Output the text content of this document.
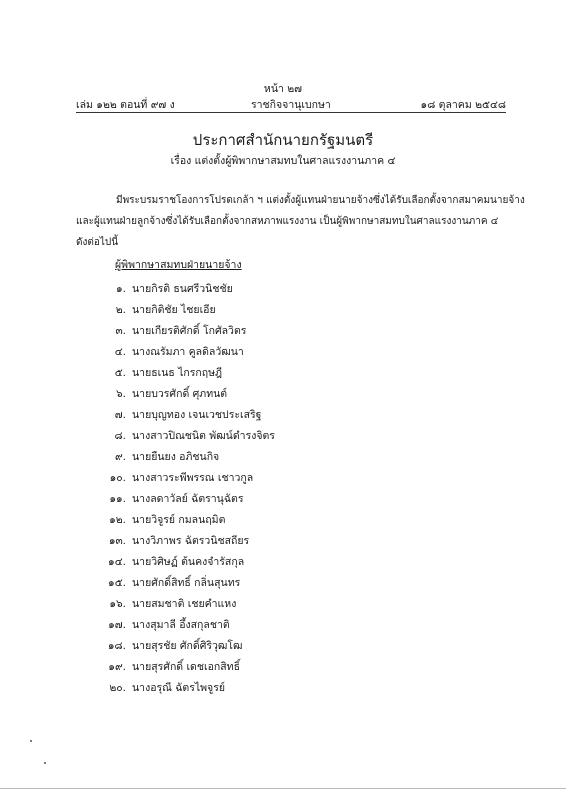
หน้า ๒๗
เล่ม ๑๒๒ ตอนที่ ๙๗ ง	ราชกิจจานุเบกษา	๑๘ ตุลาคม ๒๕๔๘
ประกาศสำนักนายกรัฐมนตรี
เรื่อง แต่งตั้งผู้พิพากษาสมทบในศาลแรงงานภาค ๔
มีพระบรมราชโองการโปรดเกล้า ฯ แต่งตั้งผู้แทนฝ่ายนายจ้างซึ่งได้รับเลือกตั้งจากสมาคมนายจ้าง
และผู้แทนฝ่ายลูกจ้างซึ่งได้รับเลือกตั้งจากสหภาพแรงงาน เป็นผู้พิพากษาสมทบในศาลแรงงานภาค ๔
ดังต่อไปนี้
ผู้พิพากษาสมทบฝ่ายนายจ้าง
๑. นายกิรติ ธนศรีวนิชชัย
๒. นายกิติชัย ไชยเอีย
๓. นายเกียรติศักดิ์ โกศัลวิตร
๔. นางณรัมภา คูลดิลวัฒนา
๕. นายธเนธ ไกรกฤษฎี
๖. นายบวรศักดิ์ ศุภทนต์
๗. นายบุญทอง เจนเวชประเสริฐ
๘. นางสาวปิณชนิต พัฒน์ดำรงจิตร
๙. นายยืนยง อภิชนกิจ
๑๐. นางสาวระพีพรรณ เชาวกูล
๑๑. นางลดาวัลย์ ฉัตรานุฉัตร
๑๒. นายวิจูรย์ กมลนฤมิต
๑๓. นางวิภาพร ฉัตรวนิชสถียร
๑๔. นายวิศิษฏ์ ต้นคงจำรัสกุล
๑๕. นายศักดิ์สิทธิ์ กลิ่นสุนทร
๑๖. นายสมชาติ เชยคำแหง
๑๗. นางสุมาลี อึ้งสกุลชาติ
๑๘. นายสุรชัย ศักดิ์ศิริวุฒโฒ
๑๙. นายสุรศักดิ์ เดชเอกสิทธิ์
๒๐. นางอรุณี ฉัตรไพจูรย์
